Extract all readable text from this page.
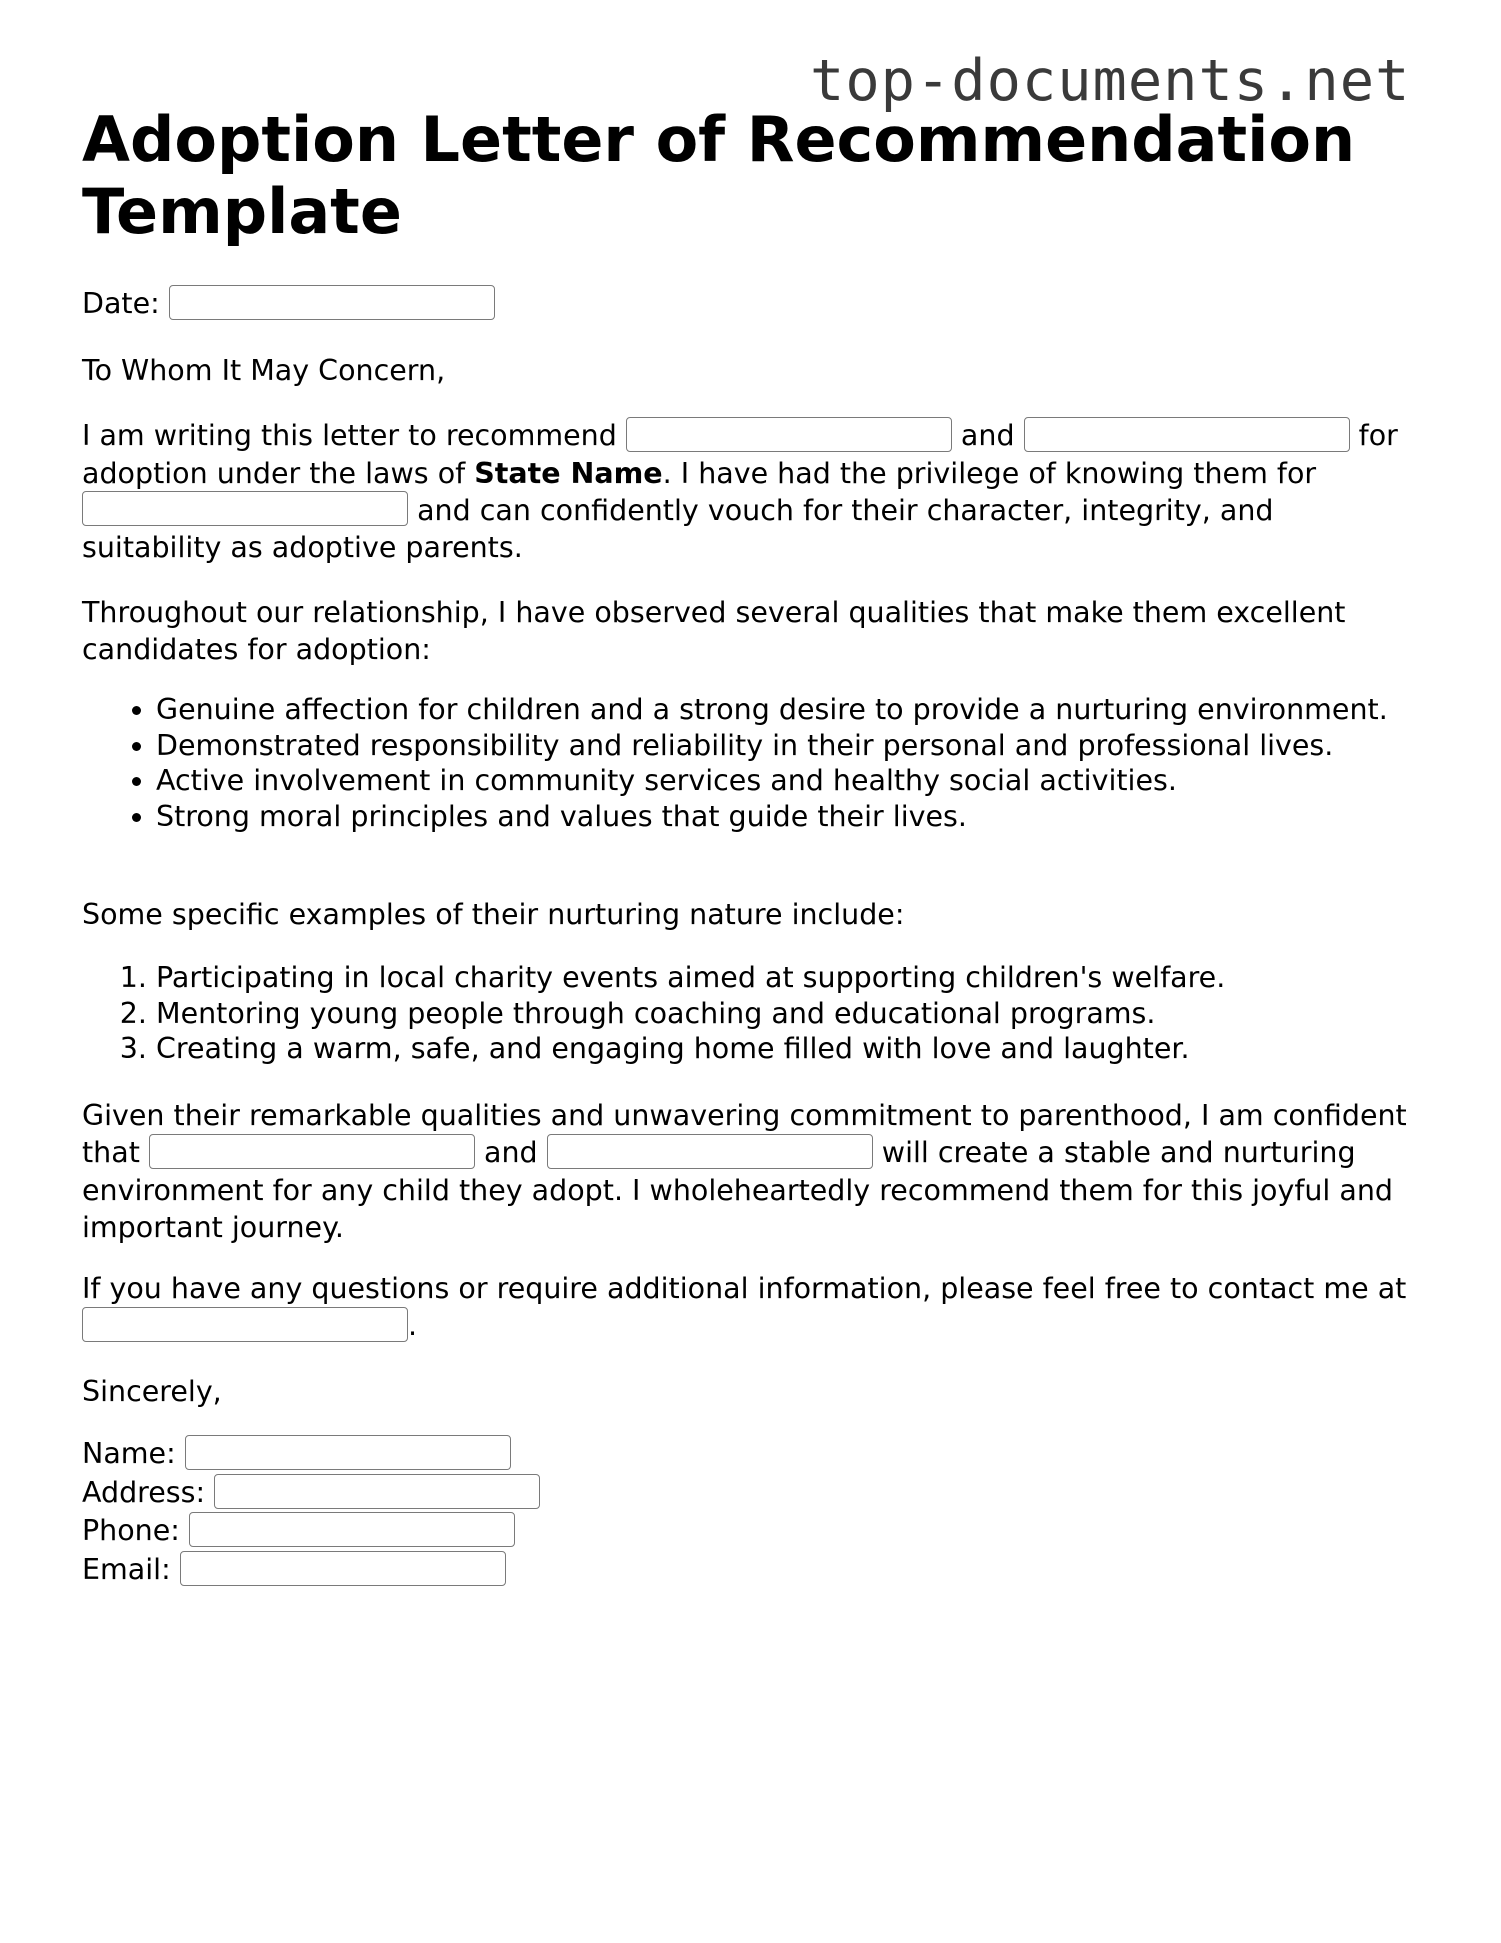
top-documents.net
Adoption Letter of Recommendation Template
Date:
To Whom It May Concern,
I am writing this letter to recommend	and	for adoption under the laws of State Name. I have had the privilege of knowing them for  and can confidently vouch for their character, integrity, and suitability as adoptive parents.
Throughout our relationship, I have observed several qualities that make them excellent candidates for adoption:
• Genuine affection for children and a strong desire to provide a nurturing environment.
• Demonstrated responsibility and reliability in their personal and professional lives.
• Active involvement in community services and healthy social activities.
• Strong moral principles and values that guide their lives.
Some specific examples of their nurturing nature include:
1. Participating in local charity events aimed at supporting children's welfare.
2. Mentoring young people through coaching and educational programs.
3. Creating a warm, safe, and engaging home filled with love and laughter.
Given their remarkable qualities and unwavering commitment to parenthood, I am confident that	and	will create a stable and nurturing environment for any child they adopt. I wholeheartedly recommend them for this joyful and important journey.
If you have any questions or require additional information, please feel free to contact me at .
Sincerely,
Name:
Address:
Phone:
Email:
